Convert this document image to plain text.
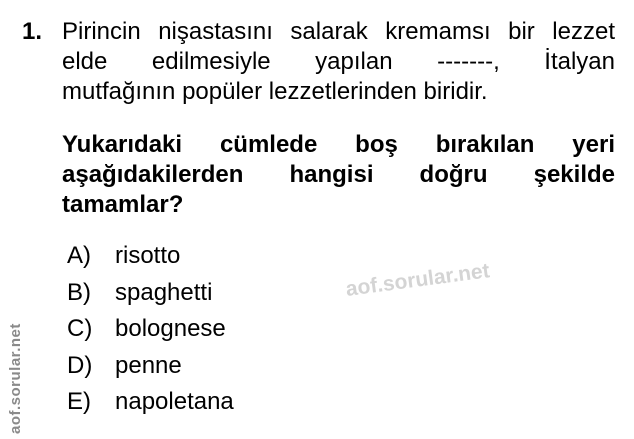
1. Pirincin nişastasını salarak kremamsı bir lezzet
elde edilmesiyle yapılan -------, İtalyan
mutfağının popüler lezzetlerinden biridir.
Yukarıdaki cümlede boş bırakılan yeri
aşağıdakilerden hangisi doğru şekilde
tamamlar?
A) risotto
B) spaghetti
C) bolognese
D) penne
E) napoletana
aof.sorular.net
aof.sorular.net
